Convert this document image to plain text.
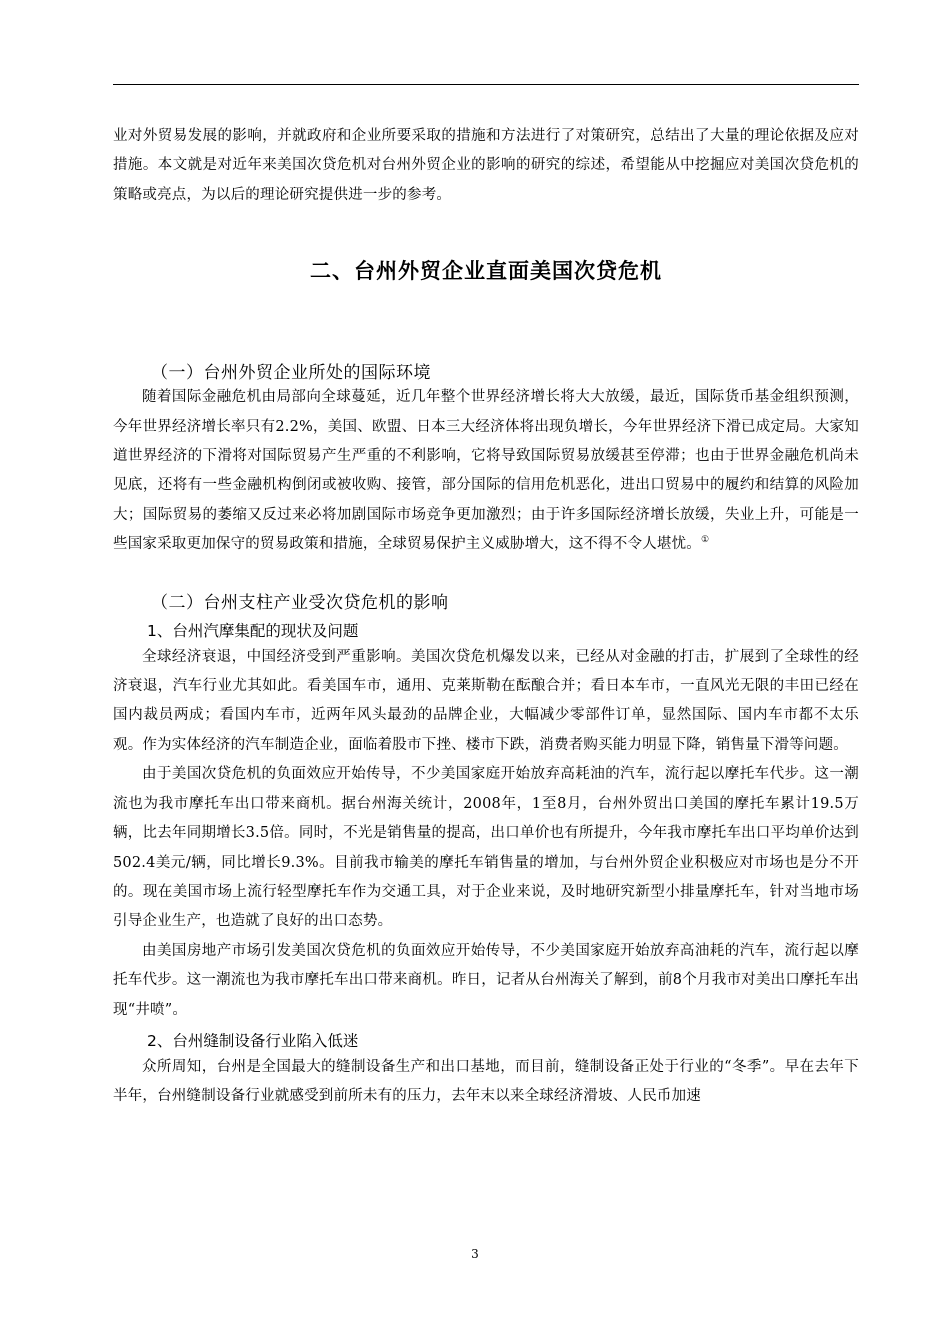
业对外贸易发展的影响，并就政府和企业所要采取的措施和方法进行了对策研究，总结出了大量的理论依据及应对措施。本文就是对近年来美国次贷危机对台州外贸企业的影响的研究的综述，希望能从中挖掘应对美国次贷危机的策略或亮点，为以后的理论研究提供进一步的参考。

二、台州外贸企业直面美国次贷危机
（一）台州外贸企业所处的国际环境

随着国际金融危机由局部向全球蔓延，近几年整个世界经济增长将大大放缓，最近，国际货币基金组织预测，今年世界经济增长率只有2.2%，美国、欧盟、日本三大经济体将出现负增长，今年世界经济下滑已成定局。大家知道世界经济的下滑将对国际贸易产生严重的不利影响，它将导致国际贸易放缓甚至停滞；也由于世界金融危机尚未见底，还将有一些金融机构倒闭或被收购、接管，部分国际的信用危机恶化，进出口贸易中的履约和结算的风险加大；国际贸易的萎缩又反过来必将加剧国际市场竞争更加激烈；由于许多国际经济增长放缓，失业上升，可能是一些国家采取更加保守的贸易政策和措施，全球贸易保护主义威胁增大，这不得不令人堪忧。①

（二）台州支柱产业受次贷危机的影响
1、台州汽摩集配的现状及问题

全球经济衰退，中国经济受到严重影响。美国次贷危机爆发以来，已经从对金融的打击，扩展到了全球性的经济衰退，汽车行业尤其如此。看美国车市，通用、克莱斯勒在酝酿合并；看日本车市，一直风光无限的丰田已经在国内裁员两成；看国内车市，近两年风头最劲的品牌企业，大幅减少零部件订单，显然国际、国内车市都不太乐观。作为实体经济的汽车制造企业，面临着股市下挫、楼市下跌，消费者购买能力明显下降，销售量下滑等问题。

由于美国次贷危机的负面效应开始传导，不少美国家庭开始放弃高耗油的汽车，流行起以摩托车代步。这一潮流也为我市摩托车出口带来商机。据台州海关统计，2008年，1至8月，台州外贸出口美国的摩托车累计19.5万辆，比去年同期增长3.5倍。同时，不光是销售量的提高，出口单价也有所提升，今年我市摩托车出口平均单价达到502.4美元/辆，同比增长9.3%。目前我市输美的摩托车销售量的增加，与台州外贸企业积极应对市场也是分不开的。现在美国市场上流行轻型摩托车作为交通工具，对于企业来说，及时地研究新型小排量摩托车，针对当地市场引导企业生产，也造就了良好的出口态势。

由美国房地产市场引发美国次贷危机的负面效应开始传导，不少美国家庭开始放弃高油耗的汽车，流行起以摩托车代步。这一潮流也为我市摩托车出口带来商机。昨日，记者从台州海关了解到，前8个月我市对美出口摩托车出现“井喷”。

2、台州缝制设备行业陷入低迷

众所周知，台州是全国最大的缝制设备生产和出口基地，而目前，缝制设备正处于行业的“冬季”。早在去年下半年，台州缝制设备行业就感受到前所未有的压力，去年末以来全球经济滑坡、人民币加速

3
